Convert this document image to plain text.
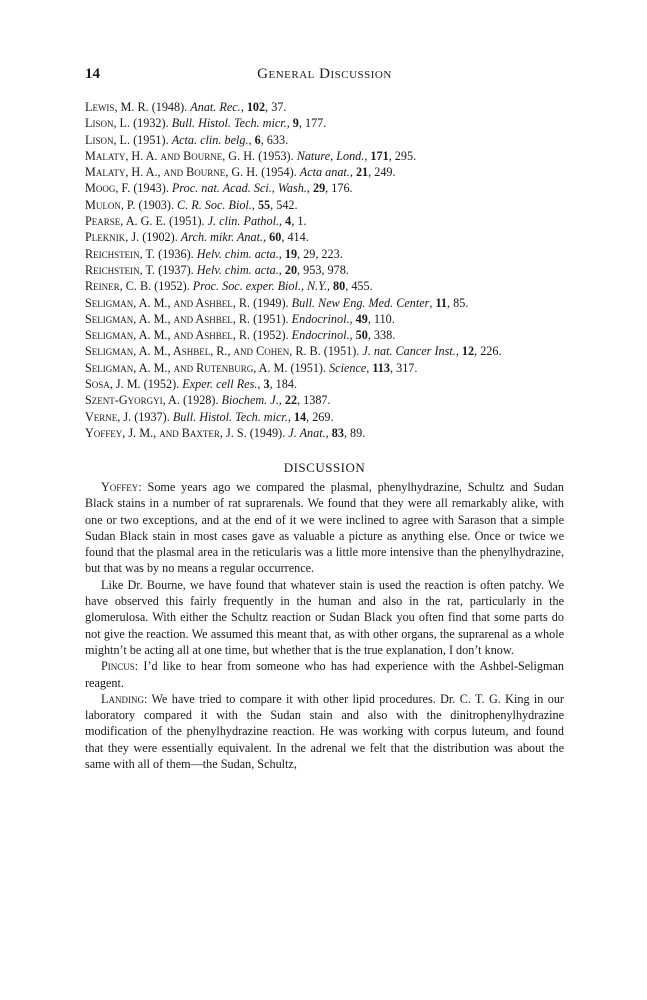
14	General Discussion
Lewis, M. R. (1948). Anat. Rec., 102, 37.
Lison, L. (1932). Bull. Histol. Tech. micr., 9, 177.
Lison, L. (1951). Acta. clin. belg., 6, 633.
Malaty, H. A. and Bourne, G. H. (1953). Nature, Lond., 171, 295.
Malaty, H. A., and Bourne, G. H. (1954). Acta anat., 21, 249.
Moog, F. (1943). Proc. nat. Acad. Sci., Wash., 29, 176.
Mulon, P. (1903). C. R. Soc. Biol., 55, 542.
Pearse, A. G. E. (1951). J. clin. Pathol., 4, 1.
Pleknik, J. (1902). Arch. mikr. Anat., 60, 414.
Reichstein, T. (1936). Helv. chim. acta., 19, 29, 223.
Reichstein, T. (1937). Helv. chim. acta., 20, 953, 978.
Reiner, C. B. (1952). Proc. Soc. exper. Biol., N.Y., 80, 455.
Seligman, A. M., and Ashbel, R. (1949). Bull. New Eng. Med. Center, 11, 85.
Seligman, A. M., and Ashbel, R. (1951). Endocrinol., 49, 110.
Seligman, A. M., and Ashbel, R. (1952). Endocrinol., 50, 338.
Seligman, A. M., Ashbel, R., and Cohen, R. B. (1951). J. nat. Cancer Inst., 12, 226.
Seligman, A. M., and Rutenburg, A. M. (1951). Science, 113, 317.
Sosa, J. M. (1952). Exper. cell Res., 3, 184.
Szent-Gyorgyi, A. (1928). Biochem. J., 22, 1387.
Verne, J. (1937). Bull. Histol. Tech. micr., 14, 269.
Yoffey, J. M., and Baxter, J. S. (1949). J. Anat., 83, 89.
DISCUSSION

Yoffey: Some years ago we compared the plasmal, phenylhydrazine, Schultz and Sudan Black stains in a number of rat suprarenals. We found that they were all remarkably alike, with one or two exceptions, and at the end of it we were inclined to agree with Sarason that a simple Sudan Black stain in most cases gave as valuable a picture as anything else. Once or twice we found that the plasmal area in the reticularis was a little more intensive than the phenylhydrazine, but that was by no means a regular occurrence.

Like Dr. Bourne, we have found that whatever stain is used the reaction is often patchy. We have observed this fairly frequently in the human and also in the rat, particularly in the glomerulosa. With either the Schultz reaction or Sudan Black you often find that some parts do not give the reaction. We assumed this meant that, as with other organs, the suprarenal as a whole mightn’t be acting all at one time, but whether that is the true explanation, I don’t know.

Pincus: I’d like to hear from someone who has had experience with the Ashbel-Seligman reagent.

Landing: We have tried to compare it with other lipid procedures. Dr. C. T. G. King in our laboratory compared it with the Sudan stain and also with the dinitrophenylhydrazine modification of the phenylhydrazine reaction. He was working with corpus luteum, and found that they were essentially equivalent. In the adrenal we felt that the distribution was about the same with all of them—the Sudan, Schultz,
